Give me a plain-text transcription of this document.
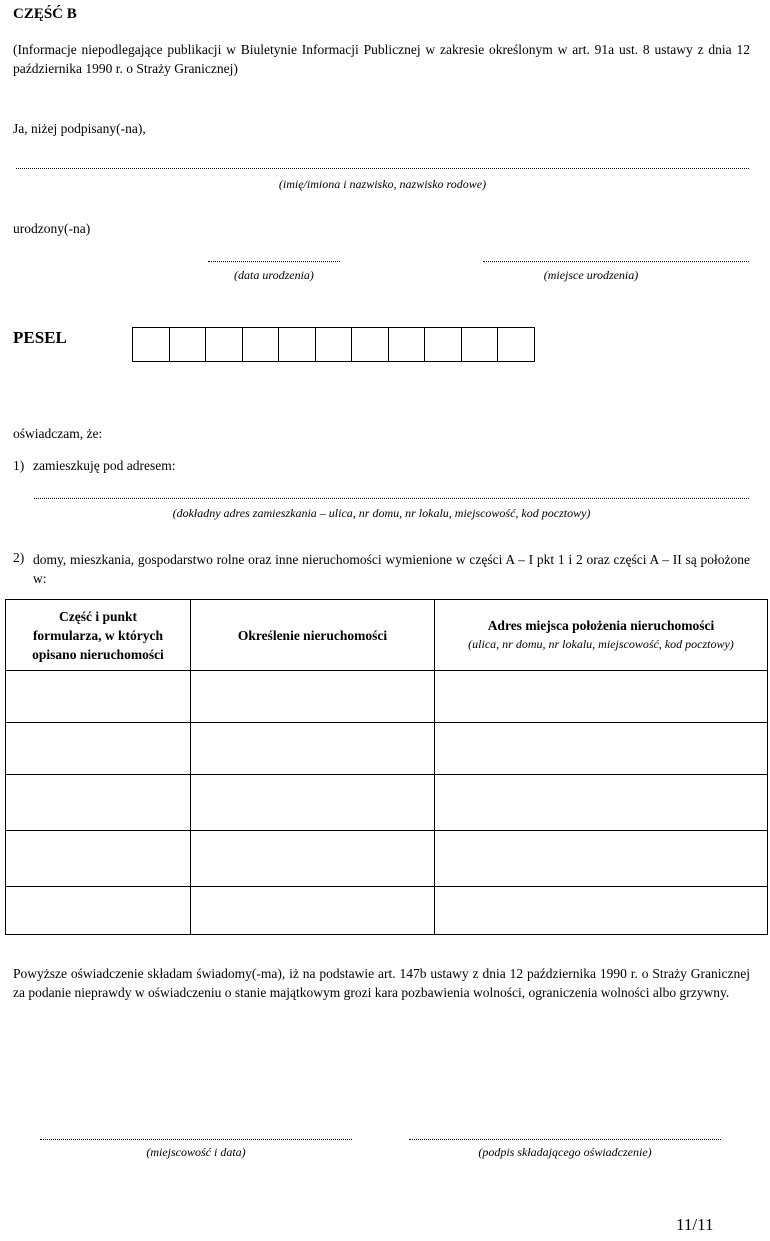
CZĘŚĆ B
(Informacje niepodlegające publikacji w Biuletynie Informacji Publicznej w zakresie określonym w art. 91a ust. 8 ustawy z dnia 12 października 1990 r. o Straży Granicznej)
Ja, niżej podpisany(-na),
(imię/imiona i nazwisko, nazwisko rodowe)
urodzony(-na)
(data urodzenia)	(miejsce urodzenia)
PESEL
oświadczam, że:
1) zamieszkuję pod adresem:
(dokładny adres zamieszkania – ulica, nr domu, nr lokalu, miejscowość, kod pocztowy)
2) domy, mieszkania, gospodarstwo rolne oraz inne nieruchomości wymienione w części A – I pkt 1 i 2 oraz części A – II są położone w:
Część i punkt formularza, w których opisano nieruchomości	Określenie nieruchomości	Adres miejsca położenia nieruchomości
(ulica, nr domu, nr lokalu, miejscowość, kod pocztowy)

Powyższe oświadczenie składam świadomy(-ma), iż na podstawie art. 147b ustawy z dnia 12 października 1990 r. o Straży Granicznej za podanie nieprawdy w oświadczeniu o stanie majątkowym grozi kara pozbawienia wolności, ograniczenia wolności albo grzywny.
(miejscowość i data)	(podpis składającego oświadczenie)
11/11
